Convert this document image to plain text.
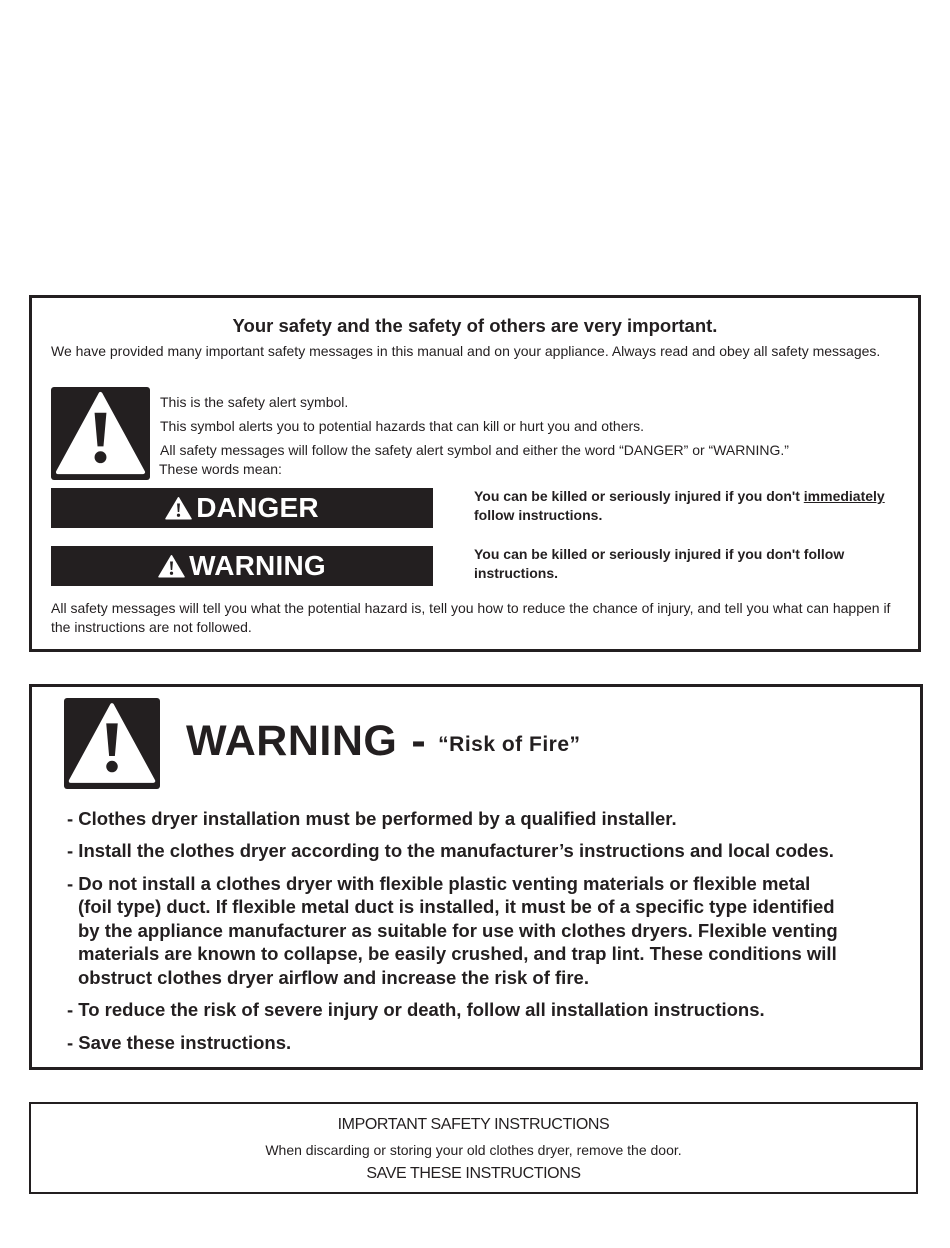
Your safety and the safety of others are very important.
We have provided many important safety messages in this manual and on your appliance. Always read and obey all safety messages.
This is the safety alert symbol.
This symbol alerts you to potential hazards that can kill or hurt you and others.
All safety messages will follow the safety alert symbol and either the word “DANGER” or “WARNING.”
These words mean:
DANGER	You can be killed or seriously injured if you don't immediately
follow instructions.
WARNING	You can be killed or seriously injured if you don't follow instructions.
All safety messages will tell you what the potential hazard is, tell you how to reduce the chance of injury, and tell you what can happen if the instructions are not followed.
WARNING - “Risk of Fire”
- Clothes dryer installation must be performed by a qualified installer.
- Install the clothes dryer according to the manufacturer’s instructions and local codes.
- Do not install a clothes dryer with flexible plastic venting materials or flexible metal
(foil type) duct. If flexible metal duct is installed, it must be of a specific type identified
by the appliance manufacturer as suitable for use with clothes dryers. Flexible venting
materials are known to collapse, be easily crushed, and trap lint. These conditions will
obstruct clothes dryer airflow and increase the risk of fire.
- To reduce the risk of severe injury or death, follow all installation instructions.
- Save these instructions.
IMPORTANT SAFETY INSTRUCTIONS
When discarding or storing your old clothes dryer, remove the door.
SAVE THESE INSTRUCTIONS
